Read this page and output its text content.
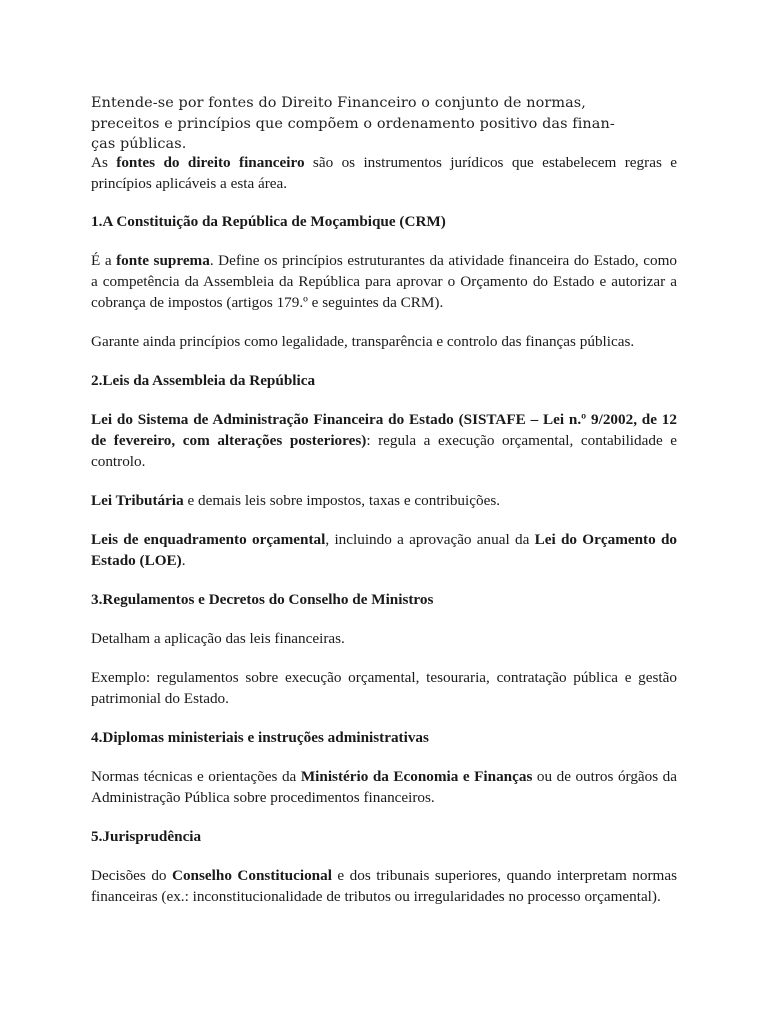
Entende-se por fontes do Direito Financeiro o conjunto de normas,
preceitos e princípios que compõem o ordenamento positivo das finan-
ças públicas.

As fontes do direito financeiro são os instrumentos jurídicos que estabelecem regras e princípios aplicáveis a esta área.

1.A Constituição da República de Moçambique (CRM)

É a fonte suprema. Define os princípios estruturantes da atividade financeira do Estado, como a competência da Assembleia da República para aprovar o Orçamento do Estado e autorizar a cobrança de impostos (artigos 179.º e seguintes da CRM).

Garante ainda princípios como legalidade, transparência e controlo das finanças públicas.

2.Leis da Assembleia da República

Lei do Sistema de Administração Financeira do Estado (SISTAFE – Lei n.º 9/2002, de 12 de fevereiro, com alterações posteriores): regula a execução orçamental, contabilidade e controlo.

Lei Tributária e demais leis sobre impostos, taxas e contribuições.

Leis de enquadramento orçamental, incluindo a aprovação anual da Lei do Orçamento do Estado (LOE).

3.Regulamentos e Decretos do Conselho de Ministros

Detalham a aplicação das leis financeiras.

Exemplo: regulamentos sobre execução orçamental, tesouraria, contratação pública e gestão patrimonial do Estado.

4.Diplomas ministeriais e instruções administrativas

Normas técnicas e orientações da Ministério da Economia e Finanças ou de outros órgãos da Administração Pública sobre procedimentos financeiros.

5.Jurisprudência

Decisões do Conselho Constitucional e dos tribunais superiores, quando interpretam normas financeiras (ex.: inconstitucionalidade de tributos ou irregularidades no processo orçamental).
